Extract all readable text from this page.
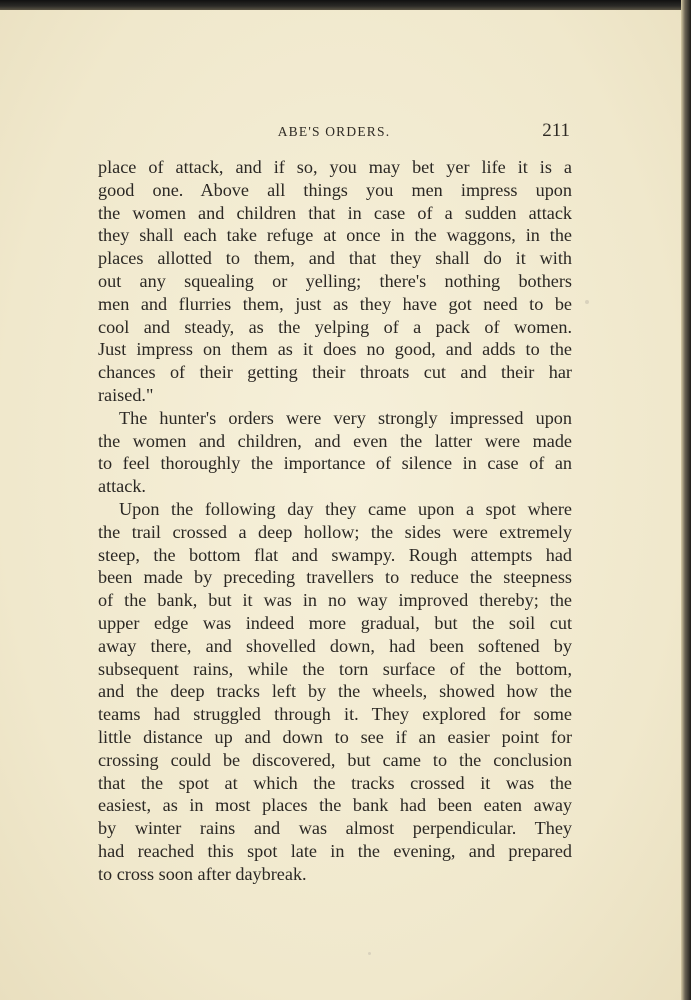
ABE'S ORDERS.	211
place of attack, and if so, you may bet yer life it is a
good one. Above all things you men impress upon
the women and children that in case of a sudden attack
they shall each take refuge at once in the waggons, in the
places allotted to them, and that they shall do it with
out any squealing or yelling; there's nothing bothers
men and flurries them, just as they have got need to be
cool and steady, as the yelping of a pack of women.
Just impress on them as it does no good, and adds to the
chances of their getting their throats cut and their har
raised."
The hunter's orders were very strongly impressed upon
the women and children, and even the latter were made
to feel thoroughly the importance of silence in case of an
attack.
Upon the following day they came upon a spot where
the trail crossed a deep hollow; the sides were extremely
steep, the bottom flat and swampy. Rough attempts had
been made by preceding travellers to reduce the steepness
of the bank, but it was in no way improved thereby; the
upper edge was indeed more gradual, but the soil cut
away there, and shovelled down, had been softened by
subsequent rains, while the torn surface of the bottom,
and the deep tracks left by the wheels, showed how the
teams had struggled through it. They explored for some
little distance up and down to see if an easier point for
crossing could be discovered, but came to the conclusion
that the spot at which the tracks crossed it was the
easiest, as in most places the bank had been eaten away
by winter rains and was almost perpendicular. They
had reached this spot late in the evening, and prepared
to cross soon after daybreak.
